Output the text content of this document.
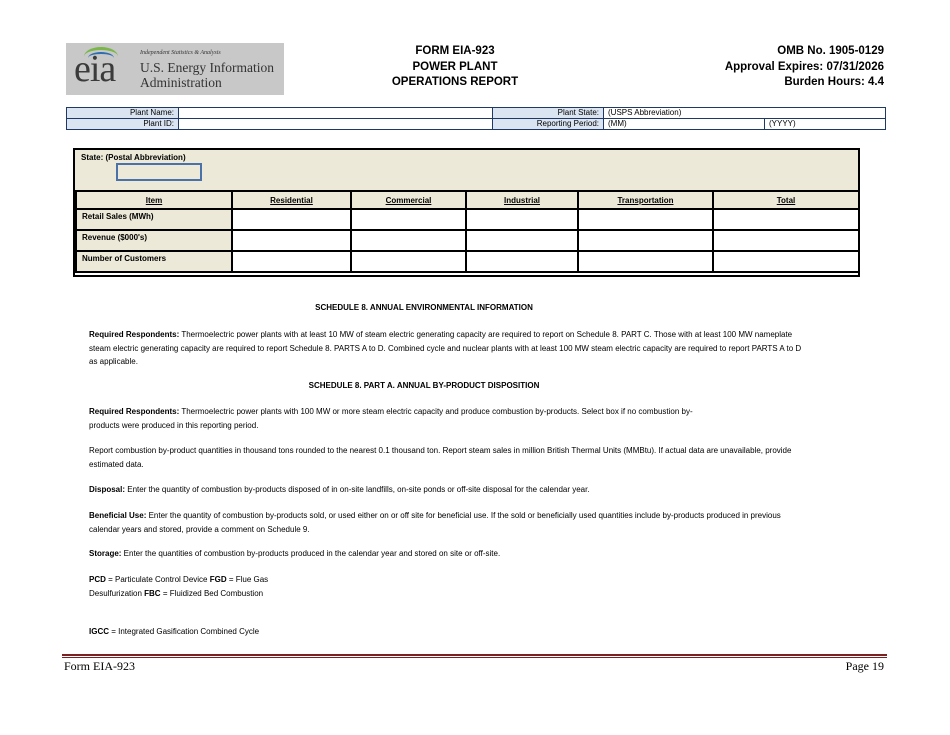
eia	Independent Statistics & Analysis
U.S. Energy Information
Administration
FORM EIA-923
POWER PLANT
OPERATIONS REPORT
OMB No. 1905-0129
Approval Expires: 07/31/2026
Burden Hours: 4.4
Plant Name:		Plant State:	(USPS Abbreviation)	
Plant ID:		Reporting Period:	(MM)	(YYYY)
State: (Postal Abbreviation)
Item	Residential	Commercial	Industrial	Transportation	Total
Retail Sales (MWh)					
Revenue ($000's)					
Number of Customers					
SCHEDULE 8. ANNUAL ENVIRONMENTAL INFORMATION
Required Respondents: Thermoelectric power plants with at least 10 MW of steam electric generating capacity are required to report on Schedule 8. PART C. Those with at least 100 MW nameplate steam electric generating capacity are required to report Schedule 8. PARTS A to D. Combined cycle and nuclear plants with at least 100 MW steam electric capacity are required to report PARTS A to D as applicable.
SCHEDULE 8. PART A. ANNUAL BY-PRODUCT DISPOSITION
Required Respondents: Thermoelectric power plants with 100 MW or more steam electric capacity and produce combustion by-products. Select box if no combustion by-products were produced in this reporting period.
Report combustion by-product quantities in thousand tons rounded to the nearest 0.1 thousand ton. Report steam sales in million British Thermal Units (MMBtu). If actual data are unavailable, provide estimated data.
Disposal: Enter the quantity of combustion by-products disposed of in on-site landfills, on-site ponds or off-site disposal for the calendar year.
Beneficial Use: Enter the quantity of combustion by-products sold, or used either on or off site for beneficial use. If the sold or beneficially used quantities include by-products produced in previous calendar years and stored, provide a comment on Schedule 9.
Storage: Enter the quantities of combustion by-products produced in the calendar year and stored on site or off-site.
PCD = Particulate Control Device FGD = Flue Gas Desulfurization FBC = Fluidized Bed Combustion
IGCC = Integrated Gasification Combined Cycle
Form EIA-923	Page 19
